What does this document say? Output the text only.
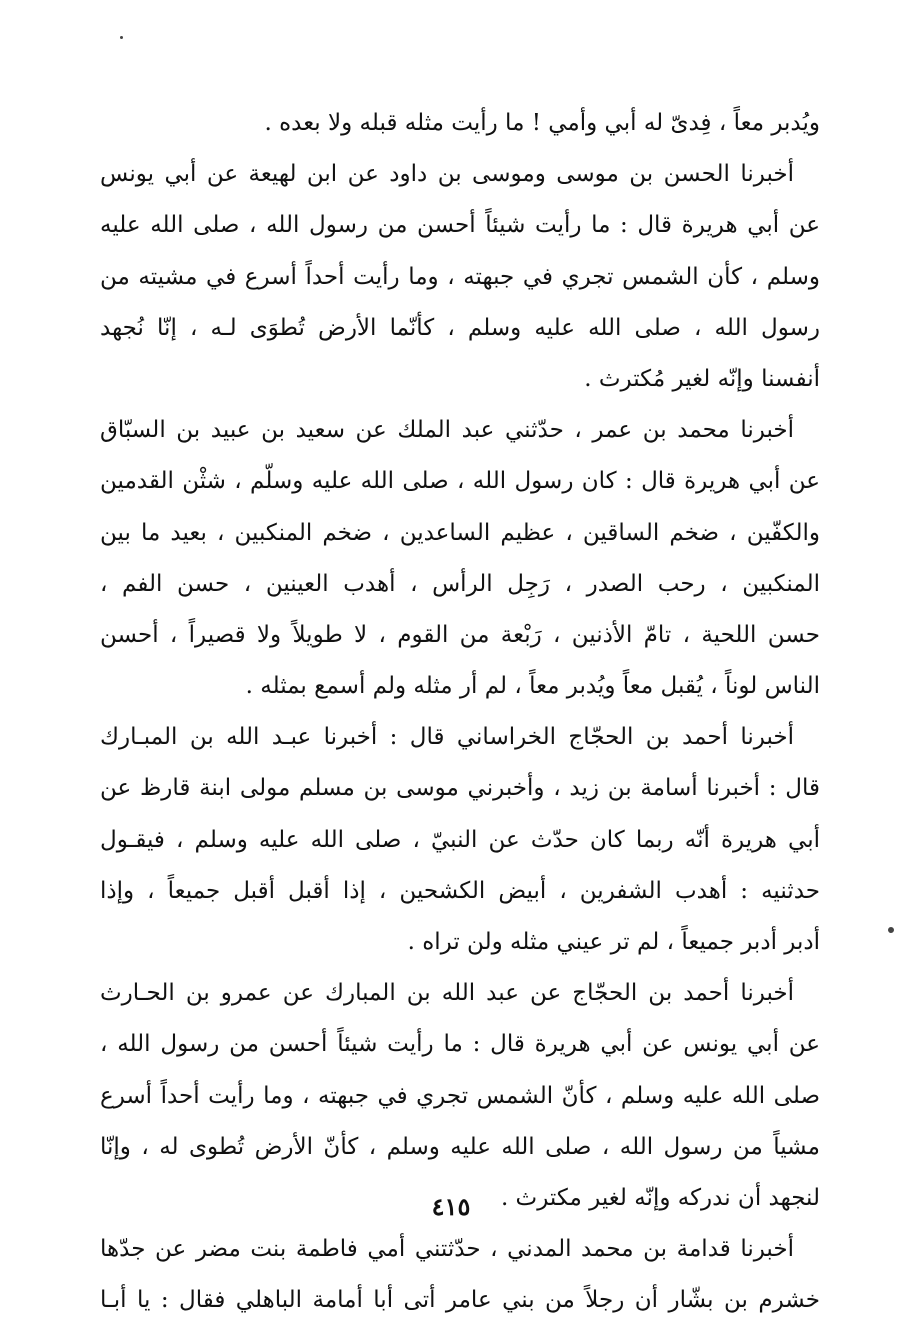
ويُدبر معاً ، فِدىّ له أبي وأمي ! ما رأيت مثله قبله ولا بعده .
أخبرنا الحسن بن موسى وموسى بن داود عن ابن لهيعة عن أبي يونس
عن أبي هريرة قال : ما رأيت شيئاً أحسن من رسول الله ، صلى الله عليه
وسلم ، كأن الشمس تجري في جبهته ، وما رأيت أحداً أسرع في مشيته من
رسول الله ، صلى الله عليه وسلم ، كأنّما الأرض تُطوَى لـه ، إنّا نُجهد
أنفسنا وإنّه لغير مُكترث .
أخبرنا محمد بن عمر ، حدّثني عبد الملك عن سعيد بن عبيد بن السبّاق
عن أبي هريرة قال : كان رسول الله ، صلى الله عليه وسلّم ، شثْن القدمين
والكفّين ، ضخم الساقين ، عظيم الساعدين ، ضخم المنكبين ، بعيد ما بين
المنكبين ، رحب الصدر ، رَجِل الرأس ، أهدب العينين ، حسن الفم ،
حسن اللحية ، تامّ الأذنين ، رَبْعة من القوم ، لا طويلاً ولا قصيراً ، أحسن
الناس لوناً ، يُقبل معاً ويُدبر معاً ، لم أر مثله ولم أسمع بمثله .
أخبرنا أحمد بن الحجّاج الخراساني قال : أخبرنا عبـد الله بن المبـارك
قال : أخبرنا أسامة بن زيد ، وأخبرني موسى بن مسلم مولى ابنة قارظ عن
أبي هريرة أنّه ربما كان حدّث عن النبيّ ، صلى الله عليه وسلم ، فيقـول
حدثنيه : أهدب الشفرين ، أبيض الكشحين ، إذا أقبل أقبل جميعاً ، وإذا
أدبر أدبر جميعاً ، لم تر عيني مثله ولن تراه .
أخبرنا أحمد بن الحجّاج عن عبد الله بن المبارك عن عمرو بن الحـارث
عن أبي يونس عن أبي هريرة قال : ما رأيت شيئاً أحسن من رسول الله ،
صلى الله عليه وسلم ، كأنّ الشمس تجري في جبهته ، وما رأيت أحداً أسرع
مشياً من رسول الله ، صلى الله عليه وسلم ، كأنّ الأرض تُطوى له ، وإنّا
لنجهد أن ندركه وإنّه لغير مكترث .
أخبرنا قدامة بن محمد المدني ، حدّثتني أمي فاطمة بنت مضر عن جدّها
خشرم بن بشّار أن رجلاً من بني عامر أتى أبا أمامة الباهلي فقال : يا أبـا
٤١٥
